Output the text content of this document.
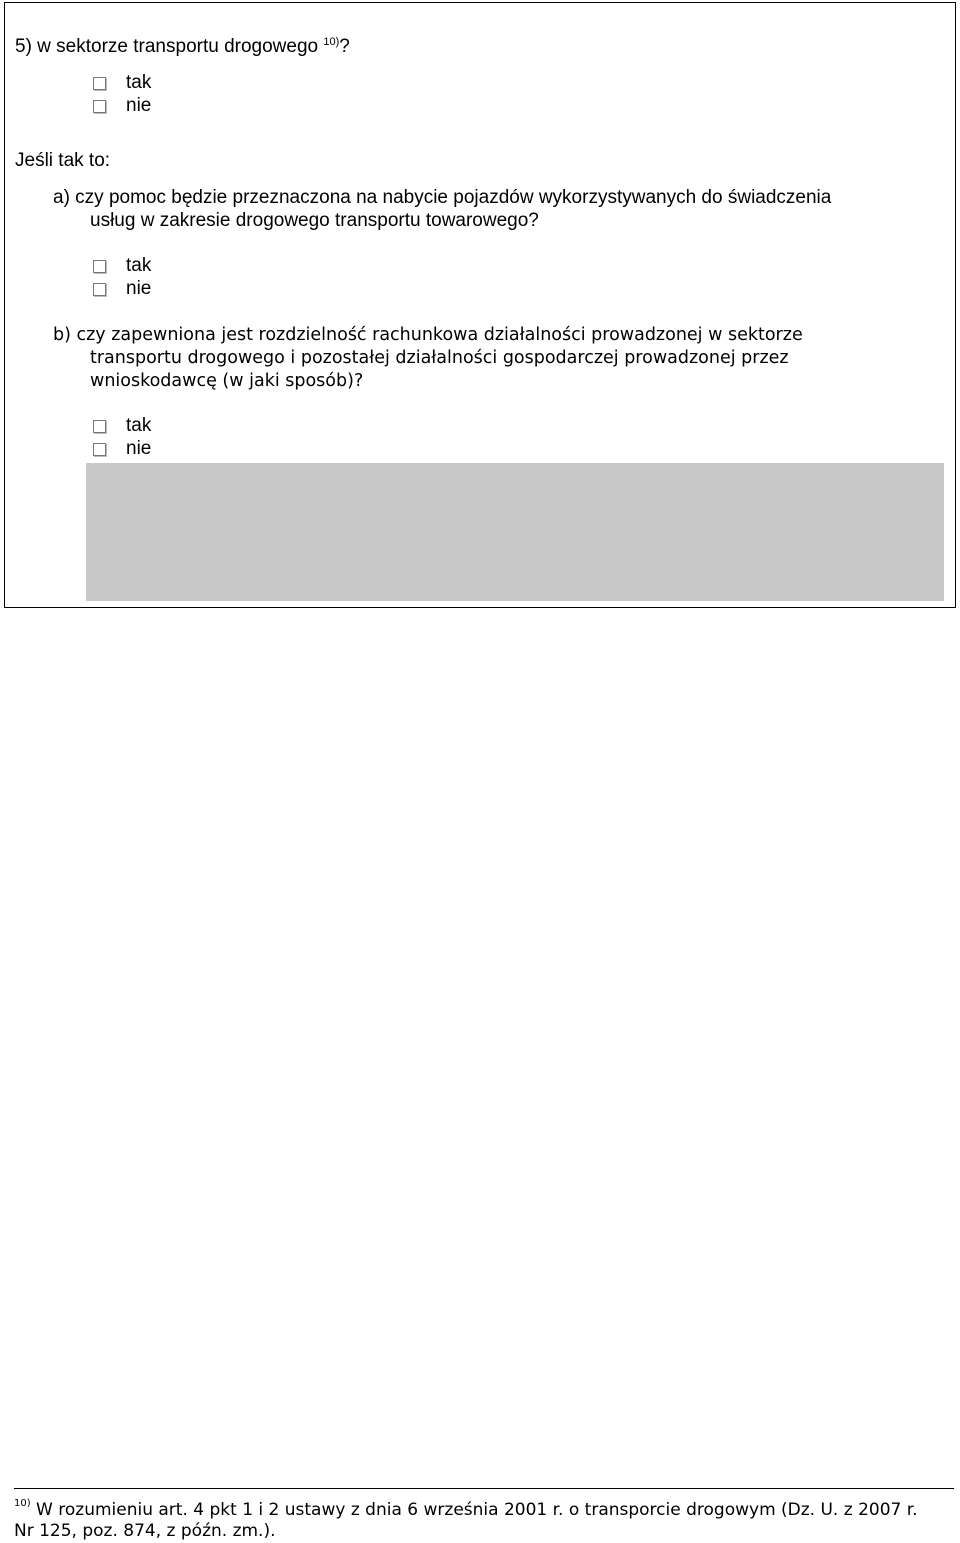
5) w sektorze transportu drogowego $^{10)}$?
tak
nie
Jeśli tak to:
a) czy pomoc będzie przeznaczona na nabycie pojazdów wykorzystywanych do świadczenia
usług w zakresie drogowego transportu towarowego?
tak
nie
b) czy zapewniona jest rozdzielność rachunkowa działalności prowadzonej w sektorze
transportu drogowego i pozostałej działalności gospodarczej prowadzonej przez
wnioskodawcę (w jaki sposób)?
tak
nie
$^{10)}$ W rozumieniu art. 4 pkt 1 i 2 ustawy z dnia 6 września 2001 r. o transporcie drogowym (Dz. U. z 2007 r.
Nr 125, poz. 874, z późn. zm.).
